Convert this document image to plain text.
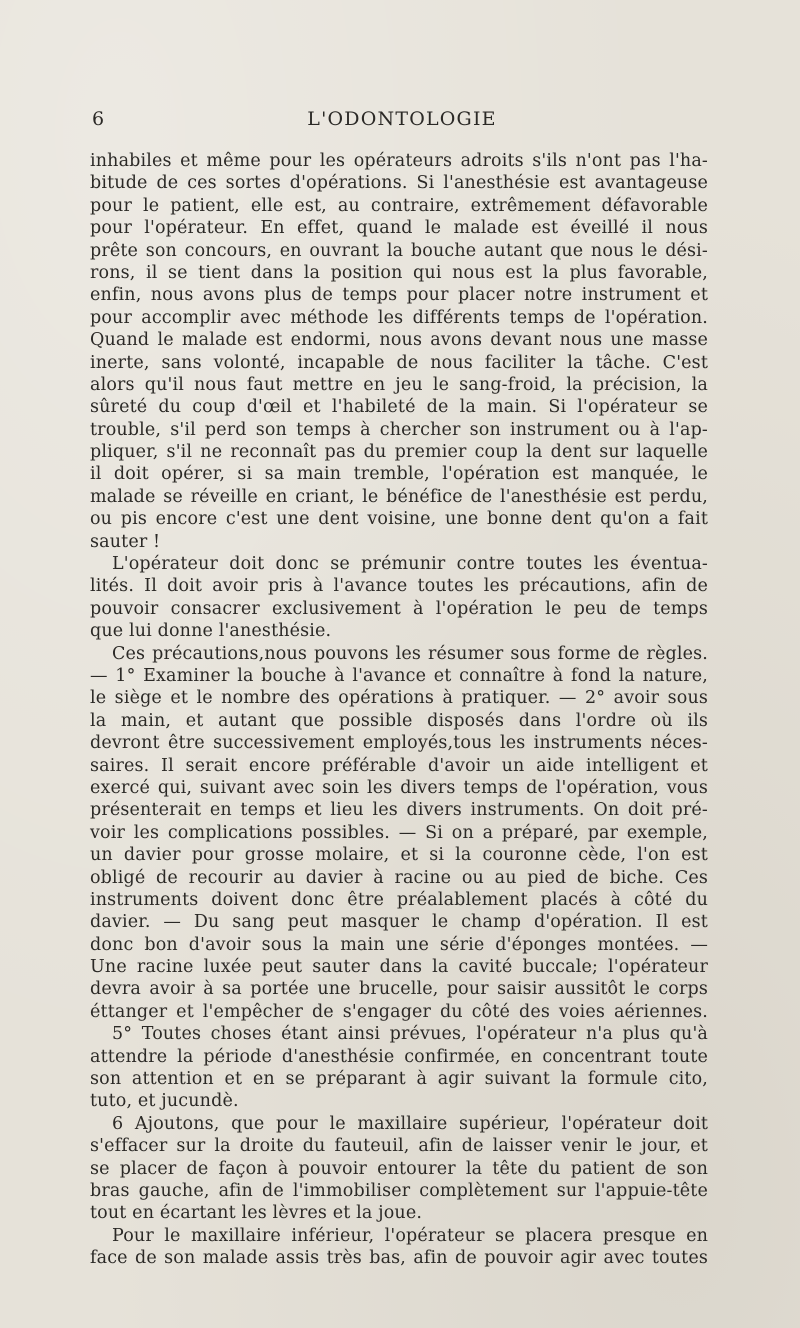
6	L'ODONTOLOGIE
inhabiles et même pour les opérateurs adroits s'ils n'ont pas l'ha-
bitude de ces sortes d'opérations. Si l'anesthésie est avantageuse
pour le patient, elle est, au contraire, extrêmement défavorable
pour l'opérateur. En effet, quand le malade est éveillé il nous
prête son concours, en ouvrant la bouche autant que nous le dési-
rons, il se tient dans la position qui nous est la plus favorable,
enfin, nous avons plus de temps pour placer notre instrument et
pour accomplir avec méthode les différents temps de l'opération.
Quand le malade est endormi, nous avons devant nous une masse
inerte, sans volonté, incapable de nous faciliter la tâche. C'est
alors qu'il nous faut mettre en jeu le sang-froid, la précision, la
sûreté du coup d'œil et l'habileté de la main. Si l'opérateur se
trouble, s'il perd son temps à chercher son instrument ou à l'ap-
pliquer, s'il ne reconnaît pas du premier coup la dent sur laquelle
il doit opérer, si sa main tremble, l'opération est manquée, le
malade se réveille en criant, le bénéfice de l'anesthésie est perdu,
ou pis encore c'est une dent voisine, une bonne dent qu'on a fait
sauter !
L'opérateur doit donc se prémunir contre toutes les éventua-
lités. Il doit avoir pris à l'avance toutes les précautions, afin de
pouvoir consacrer exclusivement à l'opération le peu de temps
que lui donne l'anesthésie.
Ces précautions,nous pouvons les résumer sous forme de règles.
— 1° Examiner la bouche à l'avance et connaître à fond la nature,
le siège et le nombre des opérations à pratiquer. — 2° avoir sous
la main, et autant que possible disposés dans l'ordre où ils
devront être successivement employés,tous les instruments néces-
saires. Il serait encore préférable d'avoir un aide intelligent et
exercé qui, suivant avec soin les divers temps de l'opération, vous
présenterait en temps et lieu les divers instruments. On doit pré-
voir les complications possibles. — Si on a préparé, par exemple,
un davier pour grosse molaire, et si la couronne cède, l'on est
obligé de recourir au davier à racine ou au pied de biche. Ces
instruments doivent donc être préalablement placés à côté du
davier. — Du sang peut masquer le champ d'opération. Il est
donc bon d'avoir sous la main une série d'éponges montées. —
Une racine luxée peut sauter dans la cavité buccale; l'opérateur
devra avoir à sa portée une brucelle, pour saisir aussitôt le corps
éttanger et l'empêcher de s'engager du côté des voies aériennes.
5° Toutes choses étant ainsi prévues, l'opérateur n'a plus qu'à
attendre la période d'anesthésie confirmée, en concentrant toute
son attention et en se préparant à agir suivant la formule cito,
tuto, et jucundè.
6 Ajoutons, que pour le maxillaire supérieur, l'opérateur doit
s'effacer sur la droite du fauteuil, afin de laisser venir le jour, et
se placer de façon à pouvoir entourer la tête du patient de son
bras gauche, afin de l'immobiliser complètement sur l'appuie-tête
tout en écartant les lèvres et la joue.
Pour le maxillaire inférieur, l'opérateur se placera presque en
face de son malade assis très bas, afin de pouvoir agir avec toutes
